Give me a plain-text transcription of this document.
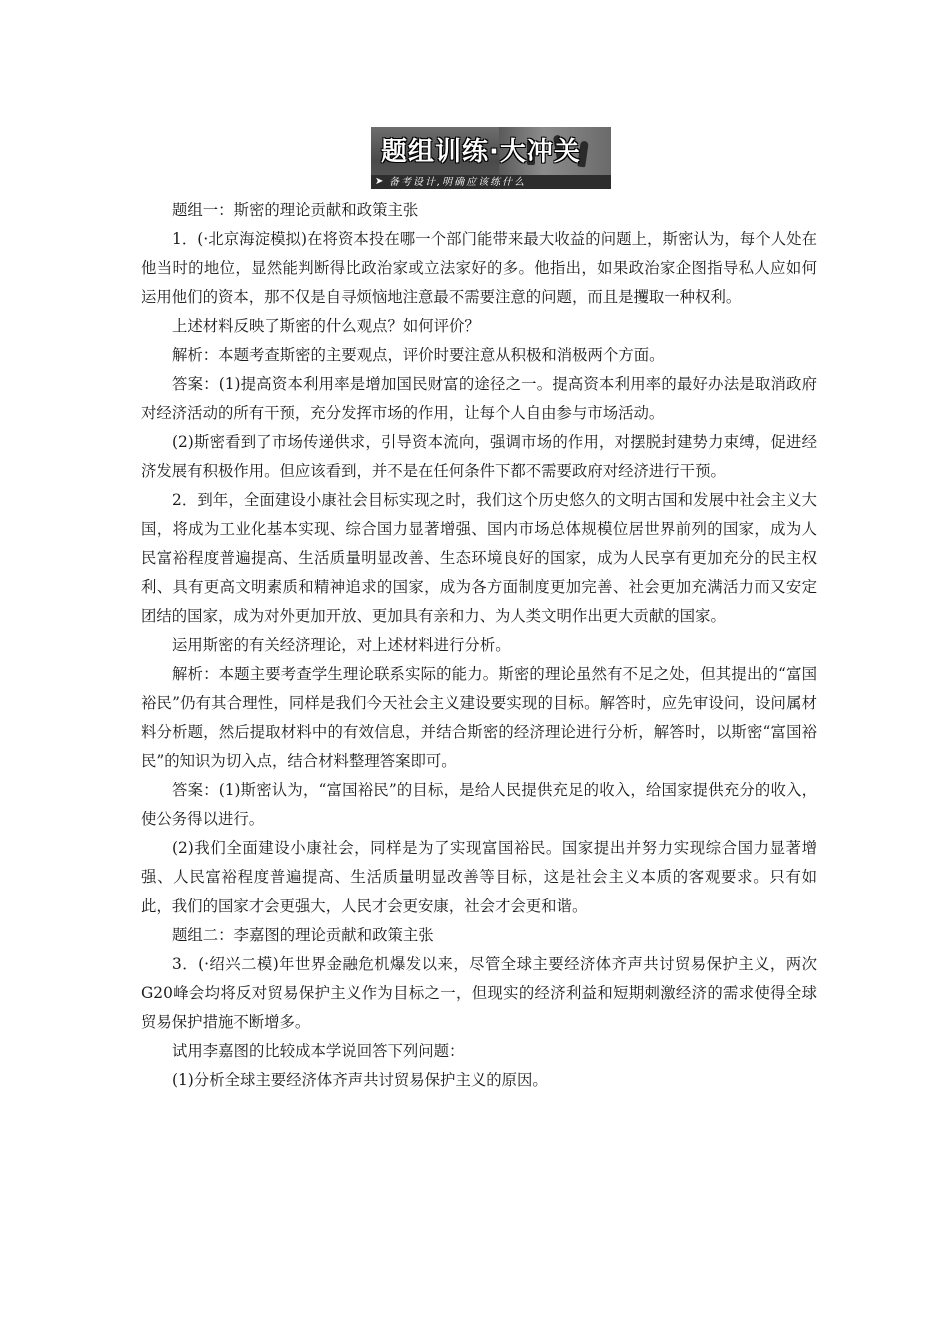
题组训练·大冲关
➤ 备考设计,明确应该练什么

题组一：斯密的理论贡献和政策主张

1．(·北京海淀模拟)在将资本投在哪一个部门能带来最大收益的问题上，斯密认为，每个人处在他当时的地位，显然能判断得比政治家或立法家好的多。他指出，如果政治家企图指导私人应如何运用他们的资本，那不仅是自寻烦恼地注意最不需要注意的问题，而且是攫取一种权利。

上述材料反映了斯密的什么观点？如何评价？

解析：本题考查斯密的主要观点，评价时要注意从积极和消极两个方面。

答案：(1)提高资本利用率是增加国民财富的途径之一。提高资本利用率的最好办法是取消政府对经济活动的所有干预，充分发挥市场的作用，让每个人自由参与市场活动。

(2)斯密看到了市场传递供求，引导资本流向，强调市场的作用，对摆脱封建势力束缚，促进经济发展有积极作用。但应该看到，并不是在任何条件下都不需要政府对经济进行干预。

2．到年，全面建设小康社会目标实现之时，我们这个历史悠久的文明古国和发展中社会主义大国，将成为工业化基本实现、综合国力显著增强、国内市场总体规模位居世界前列的国家，成为人民富裕程度普遍提高、生活质量明显改善、生态环境良好的国家，成为人民享有更加充分的民主权利、具有更高文明素质和精神追求的国家，成为各方面制度更加完善、社会更加充满活力而又安定团结的国家，成为对外更加开放、更加具有亲和力、为人类文明作出更大贡献的国家。

运用斯密的有关经济理论，对上述材料进行分析。

解析：本题主要考查学生理论联系实际的能力。斯密的理论虽然有不足之处，但其提出的“富国裕民”仍有其合理性，同样是我们今天社会主义建设要实现的目标。解答时，应先审设问，设问属材料分析题，然后提取材料中的有效信息，并结合斯密的经济理论进行分析，解答时，以斯密“富国裕民”的知识为切入点，结合材料整理答案即可。

答案：(1)斯密认为，“富国裕民”的目标，是给人民提供充足的收入，给国家提供充分的收入，使公务得以进行。

(2)我们全面建设小康社会，同样是为了实现富国裕民。国家提出并努力实现综合国力显著增强、人民富裕程度普遍提高、生活质量明显改善等目标，这是社会主义本质的客观要求。只有如此，我们的国家才会更强大，人民才会更安康，社会才会更和谐。

题组二：李嘉图的理论贡献和政策主张

3．(·绍兴二模)年世界金融危机爆发以来，尽管全球主要经济体齐声共讨贸易保护主义，两次G20峰会均将反对贸易保护主义作为目标之一，但现实的经济利益和短期刺激经济的需求使得全球贸易保护措施不断增多。

试用李嘉图的比较成本学说回答下列问题：

(1)分析全球主要经济体齐声共讨贸易保护主义的原因。
